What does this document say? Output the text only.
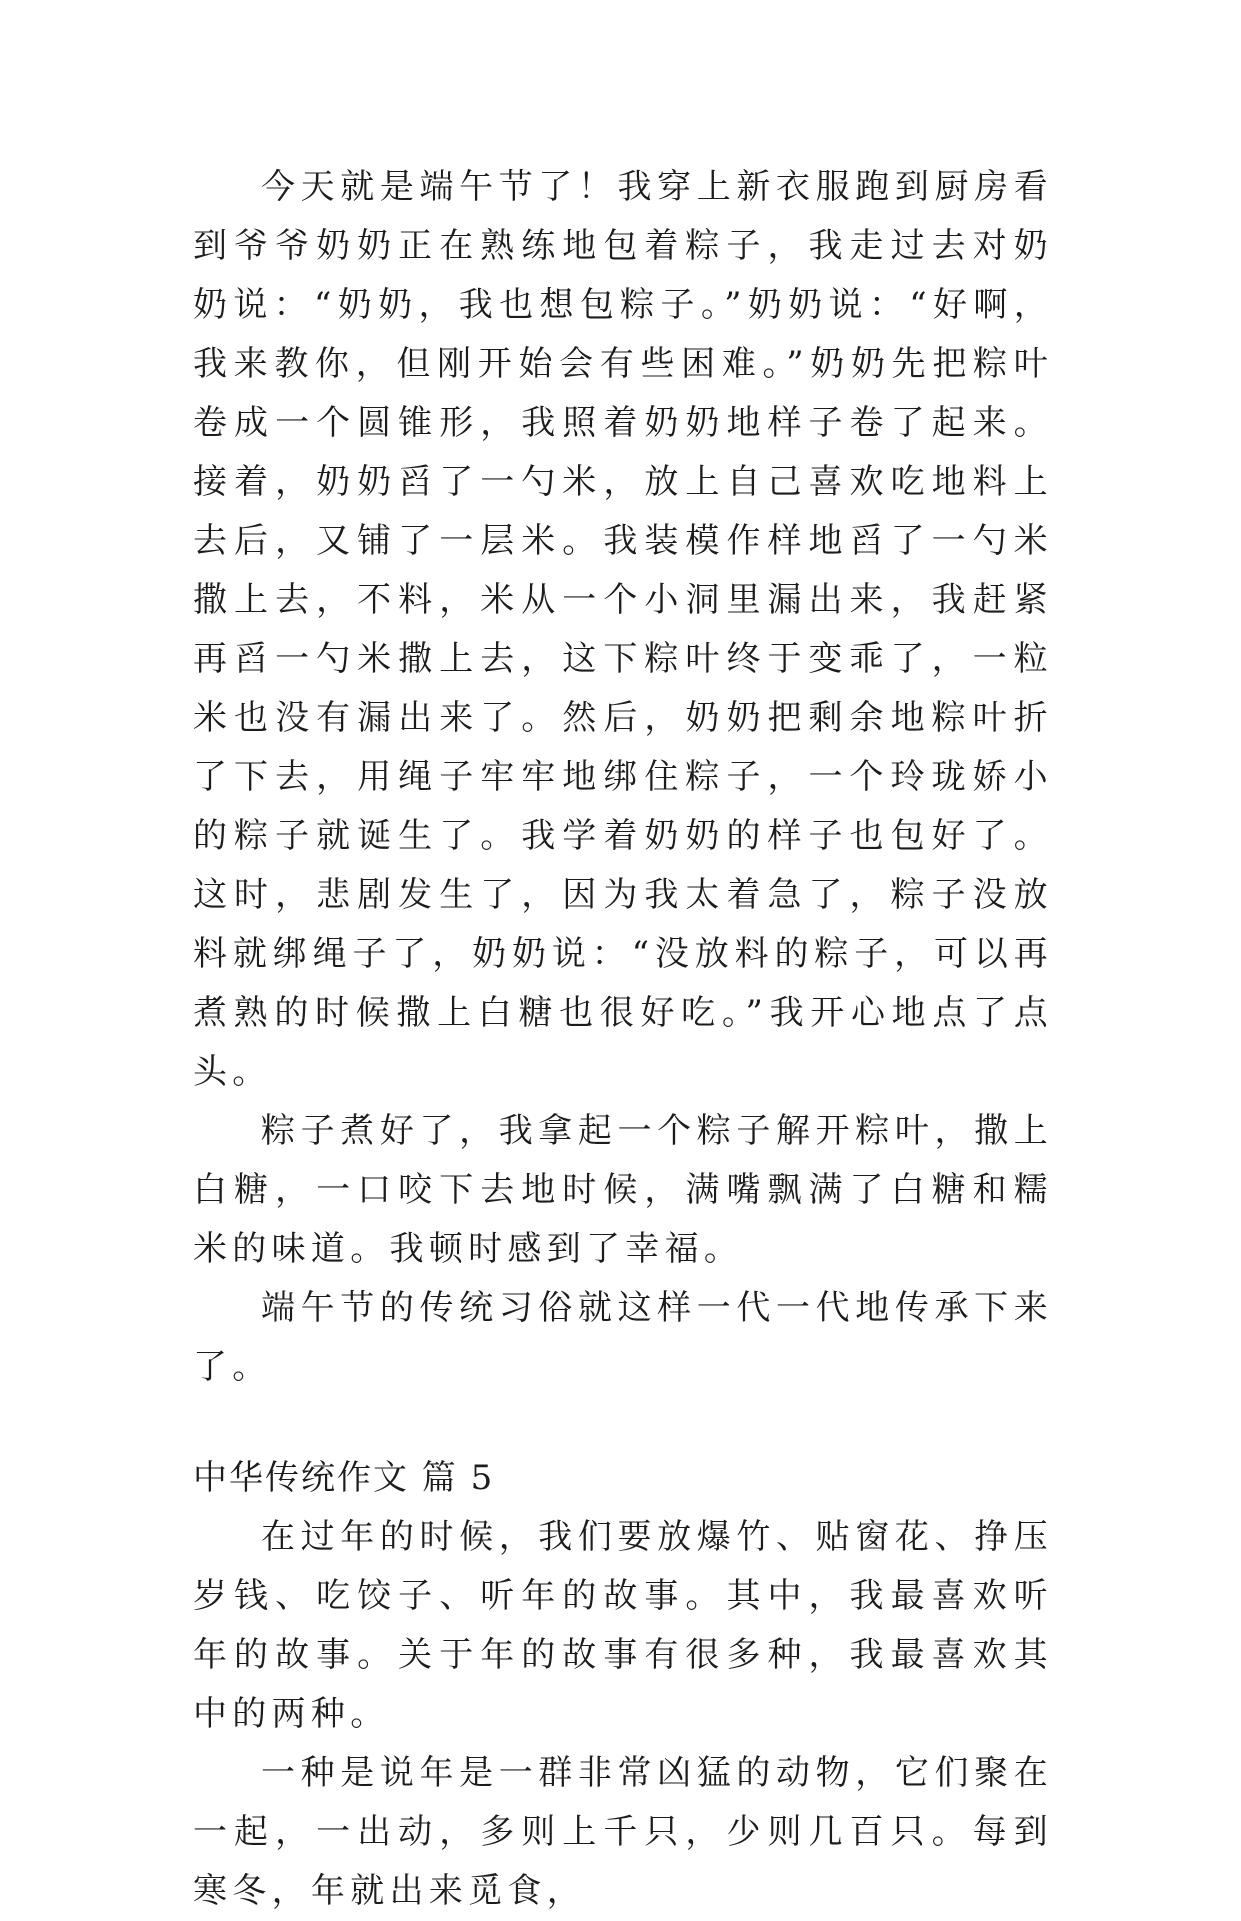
今天就是端午节了！我穿上新衣服跑到厨房看到爷爷奶奶正在熟练地包着粽子，我走过去对奶奶说：“奶奶，我也想包粽子。”奶奶说：“好啊，我来教你，但刚开始会有些困难。”奶奶先把粽叶卷成一个圆锥形，我照着奶奶地样子卷了起来。接着，奶奶舀了一勺米，放上自己喜欢吃地料上去后，又铺了一层米。我装模作样地舀了一勺米撒上去，不料，米从一个小洞里漏出来，我赶紧再舀一勺米撒上去，这下粽叶终于变乖了，一粒米也没有漏出来了。然后，奶奶把剩余地粽叶折了下去，用绳子牢牢地绑住粽子，一个玲珑娇小的粽子就诞生了。我学着奶奶的样子也包好了。这时，悲剧发生了，因为我太着急了，粽子没放料就绑绳子了，奶奶说：“没放料的粽子，可以再煮熟的时候撒上白糖也很好吃。”我开心地点了点头。

粽子煮好了，我拿起一个粽子解开粽叶，撒上白糖，一口咬下去地时候，满嘴飘满了白糖和糯米的味道。我顿时感到了幸福。

端午节的传统习俗就这样一代一代地传承下来了。

中华传统作文 篇 5

在过年的时候，我们要放爆竹、贴窗花、挣压岁钱、吃饺子、听年的故事。其中，我最喜欢听年的故事。关于年的故事有很多种，我最喜欢其中的两种。

一种是说年是一群非常凶猛的动物，它们聚在一起，一出动，多则上千只，少则几百只。每到寒冬，年就出来觅食，
